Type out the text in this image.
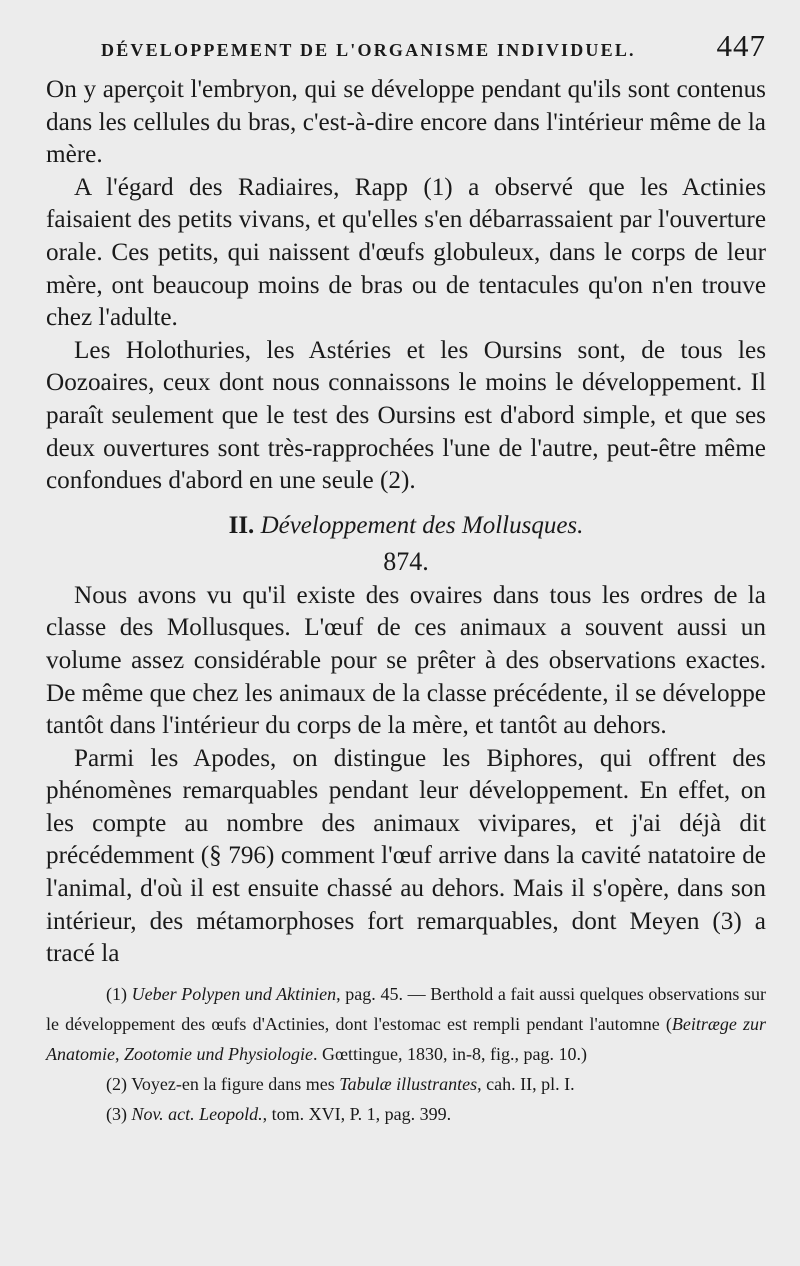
DÉVELOPPEMENT DE L'ORGANISME INDIVIDUEL.	447

On y aperçoit l'embryon, qui se développe pendant qu'ils sont contenus dans les cellules du bras, c'est-à-dire encore dans l'intérieur même de la mère.

A l'égard des Radiaires, Rapp (1) a observé que les Actinies faisaient des petits vivans, et qu'elles s'en débarrassaient par l'ouverture orale. Ces petits, qui naissent d'œufs globuleux, dans le corps de leur mère, ont beaucoup moins de bras ou de tentacules qu'on n'en trouve chez l'adulte.

Les Holothuries, les Astéries et les Oursins sont, de tous les Oozoaires, ceux dont nous connaissons le moins le développement. Il paraît seulement que le test des Oursins est d'abord simple, et que ses deux ouvertures sont très-rapprochées l'une de l'autre, peut-être même confondues d'abord en une seule (2).

II. Développement des Mollusques.
874.

Nous avons vu qu'il existe des ovaires dans tous les ordres de la classe des Mollusques. L'œuf de ces animaux a souvent aussi un volume assez considérable pour se prêter à des observations exactes. De même que chez les animaux de la classe précédente, il se développe tantôt dans l'intérieur du corps de la mère, et tantôt au dehors.

Parmi les Apodes, on distingue les Biphores, qui offrent des phénomènes remarquables pendant leur développement. En effet, on les compte au nombre des animaux vivipares, et j'ai déjà dit précédemment (§ 796) comment l'œuf arrive dans la cavité natatoire de l'animal, d'où il est ensuite chassé au dehors. Mais il s'opère, dans son intérieur, des métamorphoses fort remarquables, dont Meyen (3) a tracé la

(1) Ueber Polypen und Aktinien, pag. 45. — Berthold a fait aussi quelques observations sur le développement des œufs d'Actinies, dont l'estomac est rempli pendant l'automne (Beitræge zur Anatomie, Zootomie und Physiologie. Gœttingue, 1830, in-8, fig., pag. 10.)

(2) Voyez-en la figure dans mes Tabulæ illustrantes, cah. II, pl. I.

(3) Nov. act. Leopold., tom. XVI, P. 1, pag. 399.
